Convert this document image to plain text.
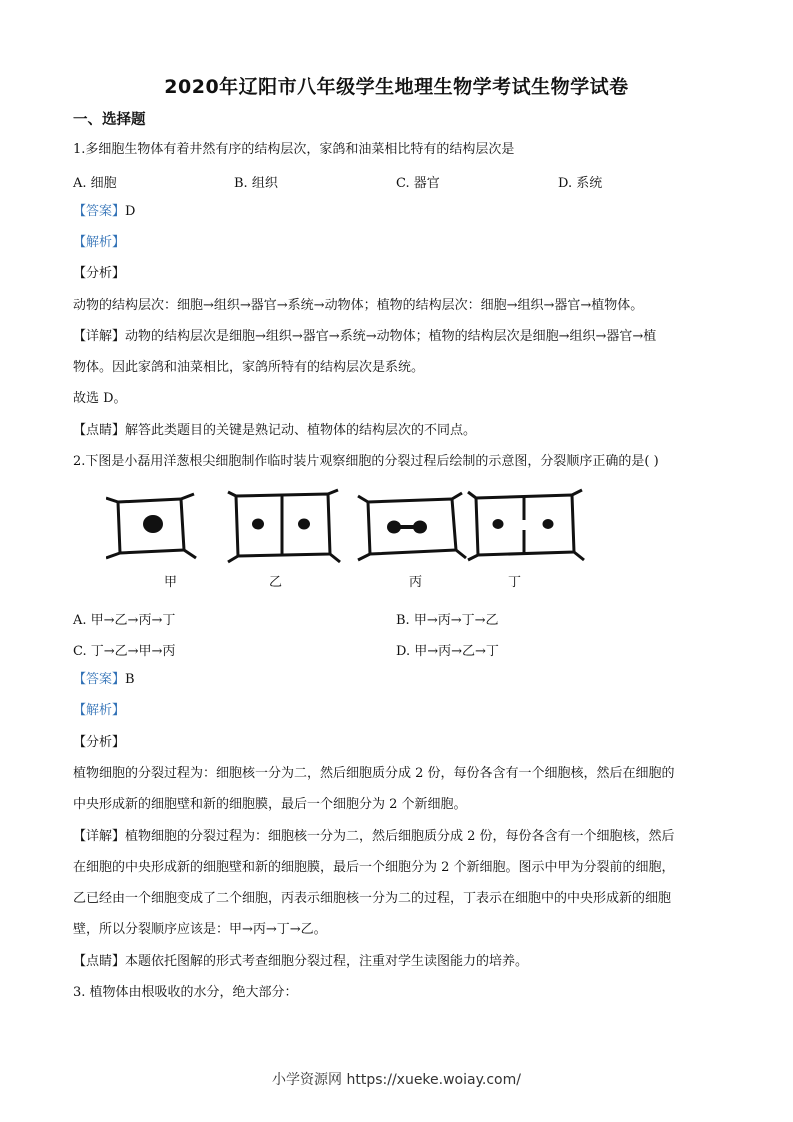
2020年辽阳市八年级学生地理生物学考试生物学试卷
一、选择题
1.多细胞生物体有着井然有序的结构层次，家鸽和油菜相比特有的结构层次是
A. 细胞	B. 组织	C. 器官	D. 系统
【答案】D
【解析】
【分析】
动物的结构层次：细胞→组织→器官→系统→动物体；植物的结构层次：细胞→组织→器官→植物体。
【详解】动物的结构层次是细胞→组织→器官→系统→动物体；植物的结构层次是细胞→组织→器官→植
物体。因此家鸽和油菜相比，家鸽所特有的结构层次是系统。
故选 D。
【点睛】解答此类题目的关键是熟记动、植物体的结构层次的不同点。
2.下图是小磊用洋葱根尖细胞制作临时装片观察细胞的分裂过程后绘制的示意图，分裂顺序正确的是( )
甲	乙	丙	丁
A. 甲→乙→丙→丁	B. 甲→丙→丁→乙
C. 丁→乙→甲→丙	D. 甲→丙→乙→丁
【答案】B
【解析】
【分析】
植物细胞的分裂过程为：细胞核一分为二，然后细胞质分成 2 份，每份各含有一个细胞核，然后在细胞的
中央形成新的细胞壁和新的细胞膜，最后一个细胞分为 2 个新细胞。
【详解】植物细胞的分裂过程为：细胞核一分为二，然后细胞质分成 2 份，每份各含有一个细胞核，然后
在细胞的中央形成新的细胞壁和新的细胞膜，最后一个细胞分为 2 个新细胞。图示中甲为分裂前的细胞，
乙已经由一个细胞变成了二个细胞，丙表示细胞核一分为二的过程，丁表示在细胞中的中央形成新的细胞
壁，所以分裂顺序应该是：甲→丙→丁→乙。
【点睛】本题依托图解的形式考查细胞分裂过程，注重对学生读图能力的培养。
3. 植物体由根吸收的水分，绝大部分：
小学资源网 https://xueke.woiay.com/
